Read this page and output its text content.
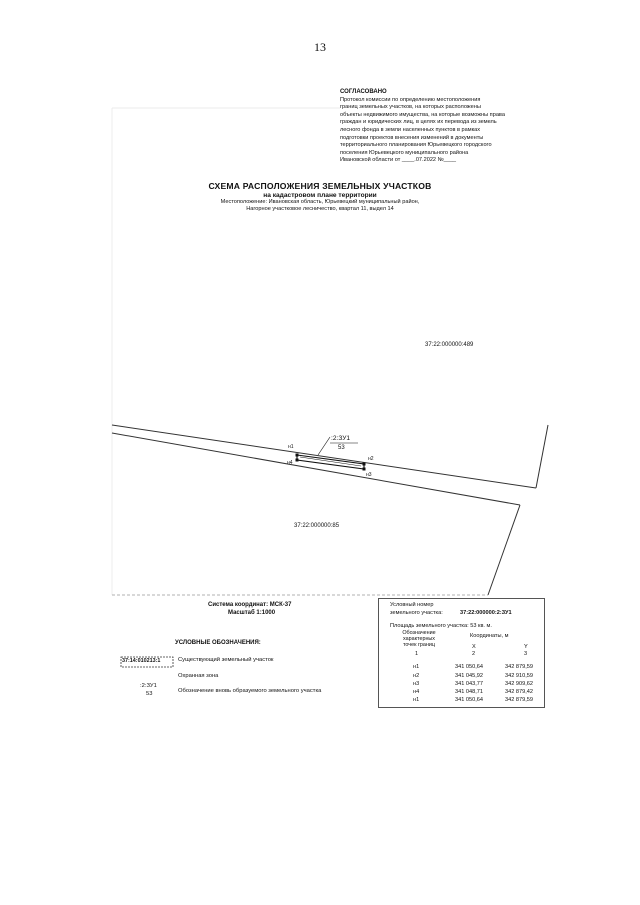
13
СОГЛАСОВАНО
Протокол комиссии по определению местоположения
границ земельных участков, на которых расположены
объекты недвижимого имущества, на которые возможны права
граждан и юридических лиц, в целях их перевода из земель
лесного фонда в земли населенных пунктов в рамках
подготовки проектов внесения изменений в документы
территориального планирования Юрьевецкого городского
поселения Юрьевецкого муниципального района
Ивановской области от ____.07.2022 №____
СХЕМА РАСПОЛОЖЕНИЯ ЗЕМЕЛЬНЫХ УЧАСТКОВ
на кадастровом плане территории
Местоположение: Ивановская область, Юрьевецкий муниципальный район,
Нагорное участковое лесничество, квартал 11, выдел 14
37:22:000000:489
37:22:000000:85
:2:ЗУ1
53
н1
н2
н3
н4
Система координат: МСК-37
Масштаб 1:1000
УСЛОВНЫЕ ОБОЗНАЧЕНИЯ:
37:14:010213:1	Существующий земельный участок
Охранная зона
:2:ЗУ1
53	Обозначение вновь образуемого земельного участка
Условный номер
земельного участка:	37:22:000000:2:ЗУ1
Площадь земельного участка: 53 кв. м.
Обозначение
характерных
точек границ
Координаты, м
X	Y
1	2	3
н1	341 050,64	342 879,59
н2	341 045,92	342 910,59
н3	341 043,77	342 909,62
н4	341 048,71	342 879,42
н1	341 050,64	342 879,59
